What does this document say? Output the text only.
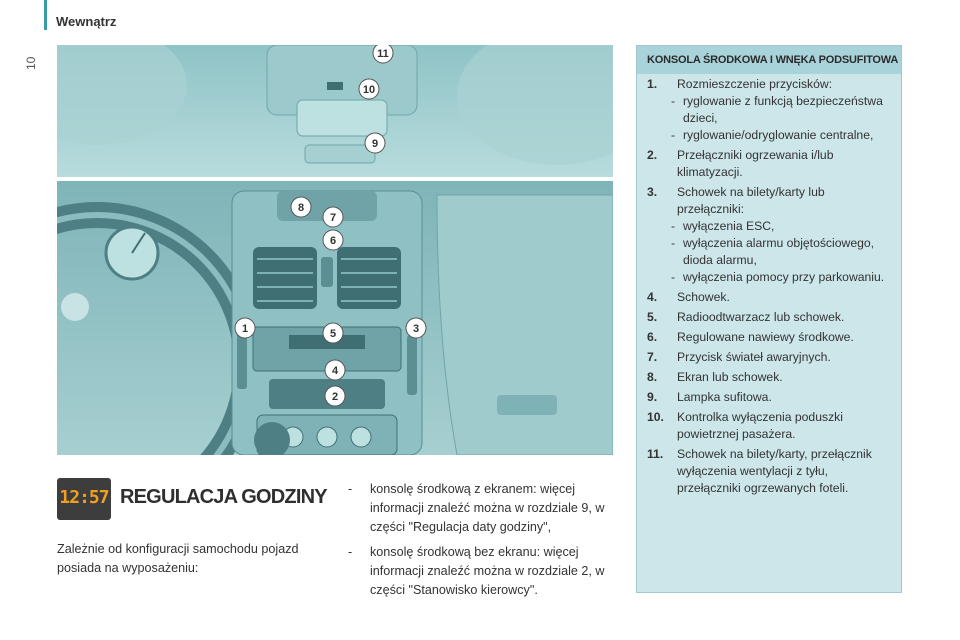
Wewnątrz
10
11
10
9
8
7
6
5
1	3
4
2
KONSOLA ŚRODKOWA I WNĘKA PODSUFITOWA
1. Rozmieszczenie przycisków:
- ryglowanie z funkcją bezpieczeństwa dzieci,
- ryglowanie/odryglowanie centralne,
2. Przełączniki ogrzewania i/lub klimatyzacji.
3. Schowek na bilety/karty lub przełączniki:
- wyłączenia ESC,
- wyłączenia alarmu objętościowego, dioda alarmu,
- wyłączenia pomocy przy parkowaniu.
4. Schowek.
5. Radioodtwarzacz lub schowek.
6. Regulowane nawiewy środkowe.
7. Przycisk świateł awaryjnych.
8. Ekran lub schowek.
9. Lampka sufitowa.
10. Kontrolka wyłączenia poduszki powietrznej pasażera.
11. Schowek na bilety/karty, przełącznik wyłączenia wentylacji z tyłu, przełączniki ogrzewanych foteli.
12:57 REGULACJA GODZINY
Zależnie od konfiguracji samochodu pojazd posiada na wyposażeniu:
- konsolę środkową z ekranem: więcej informacji znaleźć można w rozdziale 9, w części "Regulacja daty godziny",
- konsolę środkową bez ekranu: więcej informacji znaleźć można w rozdziale 2, w części "Stanowisko kierowcy".
